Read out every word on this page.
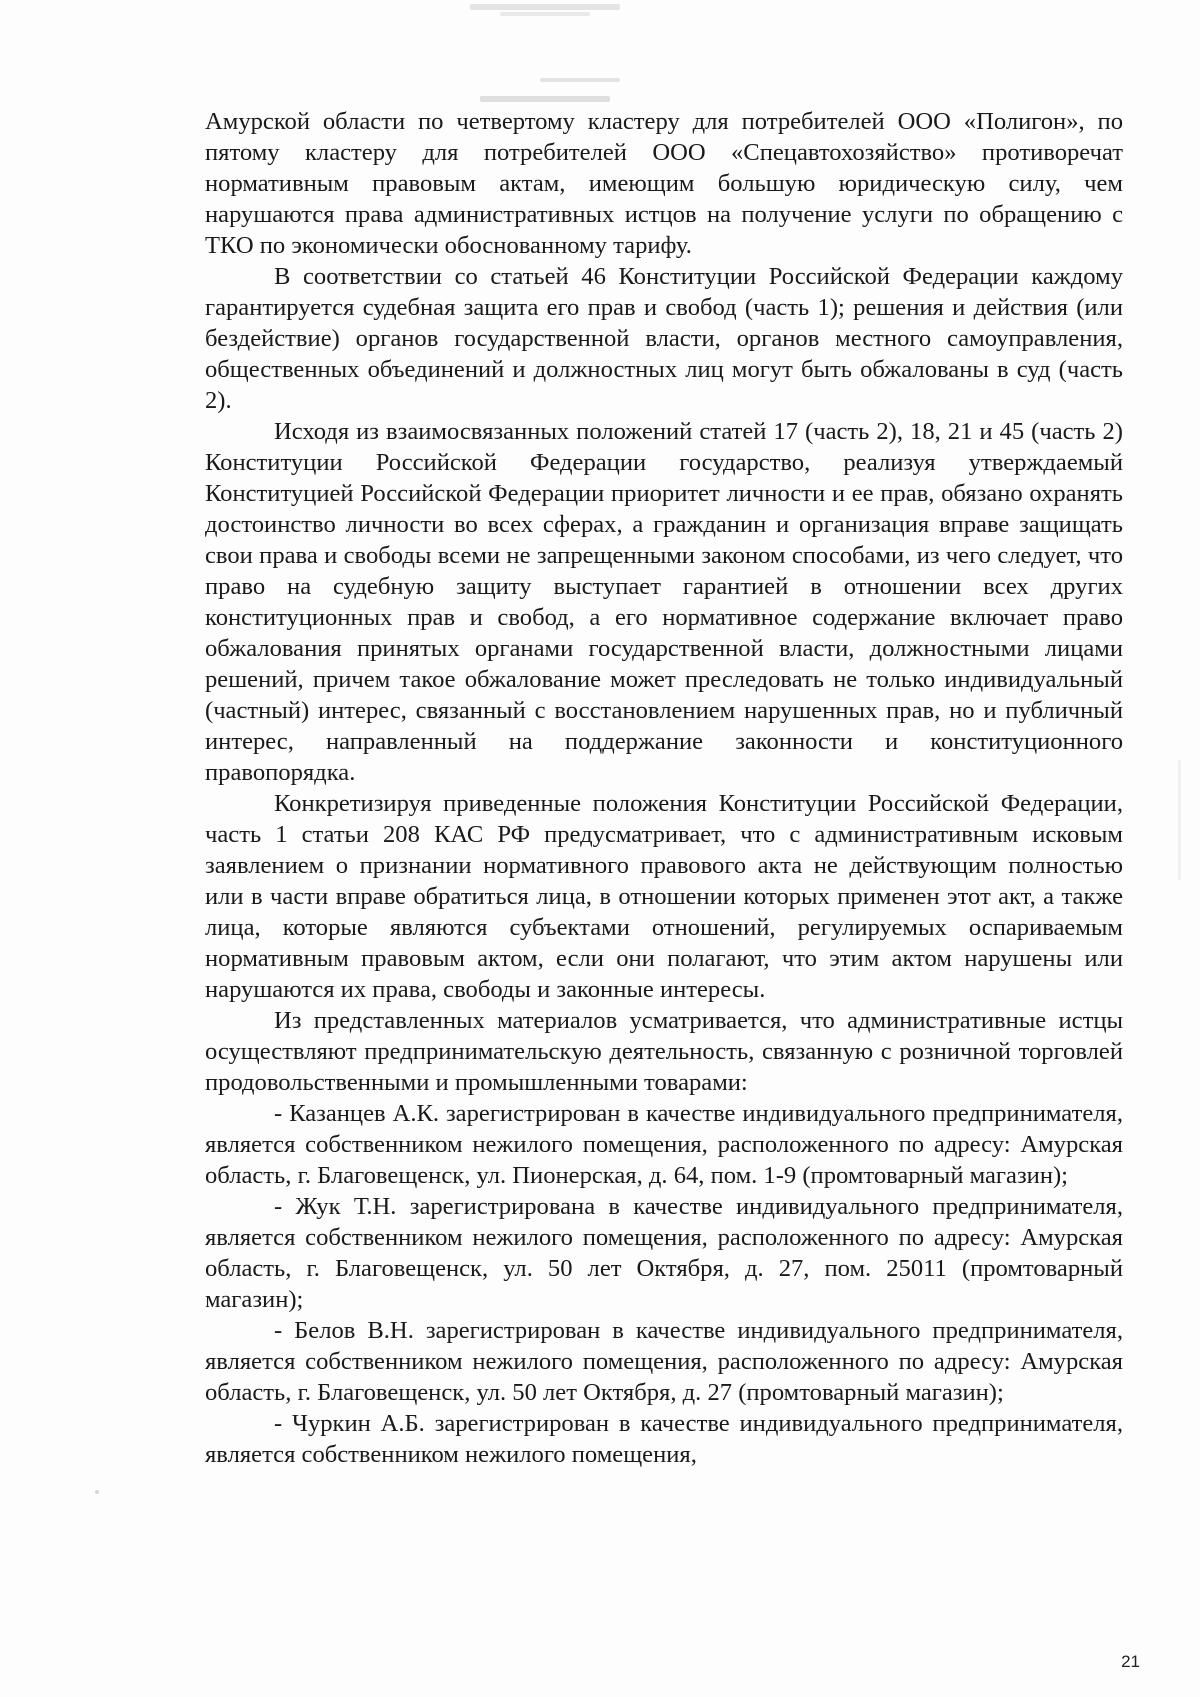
Амурской области по четвертому кластеру для потребителей ООО «Полигон», по пятому кластеру для потребителей ООО «Спецавтохозяйство» противоречат нормативным правовым актам, имеющим большую юридическую силу, чем нарушаются права административных истцов на получение услуги по обращению с ТКО по экономически обоснованному тарифу.

В соответствии со статьей 46 Конституции Российской Федерации каждому гарантируется судебная защита его прав и свобод (часть 1); решения и действия (или бездействие) органов государственной власти, органов местного самоуправления, общественных объединений и должностных лиц могут быть обжалованы в суд (часть 2).

Исходя из взаимосвязанных положений статей 17 (часть 2), 18, 21 и 45 (часть 2) Конституции Российской Федерации государство, реализуя утверждаемый Конституцией Российской Федерации приоритет личности и ее прав, обязано охранять достоинство личности во всех сферах, а гражданин и организация вправе защищать свои права и свободы всеми не запрещенными законом способами, из чего следует, что право на судебную защиту выступает гарантией в отношении всех других конституционных прав и свобод, а его нормативное содержание включает право обжалования принятых органами государственной власти, должностными лицами решений, причем такое обжалование может преследовать не только индивидуальный (частный) интерес, связанный с восстановлением нарушенных прав, но и публичный интерес, направленный на поддержание законности и конституционного правопорядка.

Конкретизируя приведенные положения Конституции Российской Федерации, часть 1 статьи 208 КАС РФ предусматривает, что с административным исковым заявлением о признании нормативного правового акта не действующим полностью или в части вправе обратиться лица, в отношении которых применен этот акт, а также лица, которые являются субъектами отношений, регулируемых оспариваемым нормативным правовым актом, если они полагают, что этим актом нарушены или нарушаются их права, свободы и законные интересы.

Из представленных материалов усматривается, что административные истцы осуществляют предпринимательскую деятельность, связанную с розничной торговлей продовольственными и промышленными товарами:

- Казанцев А.К. зарегистрирован в качестве индивидуального предпринимателя, является собственником нежилого помещения, расположенного по адресу: Амурская область, г. Благовещенск, ул. Пионерская, д. 64, пом. 1-9 (промтоварный магазин);

- Жук Т.Н. зарегистрирована в качестве индивидуального предпринимателя, является собственником нежилого помещения, расположенного по адресу: Амурская область, г. Благовещенск, ул. 50 лет Октября, д. 27, пом. 25011 (промтоварный магазин);

- Белов В.Н. зарегистрирован в качестве индивидуального предпринимателя, является собственником нежилого помещения, расположенного по адресу: Амурская область, г. Благовещенск, ул. 50 лет Октября, д. 27 (промтоварный магазин);

- Чуркин А.Б. зарегистрирован в качестве индивидуального предпринимателя, является собственником нежилого помещения,

21
